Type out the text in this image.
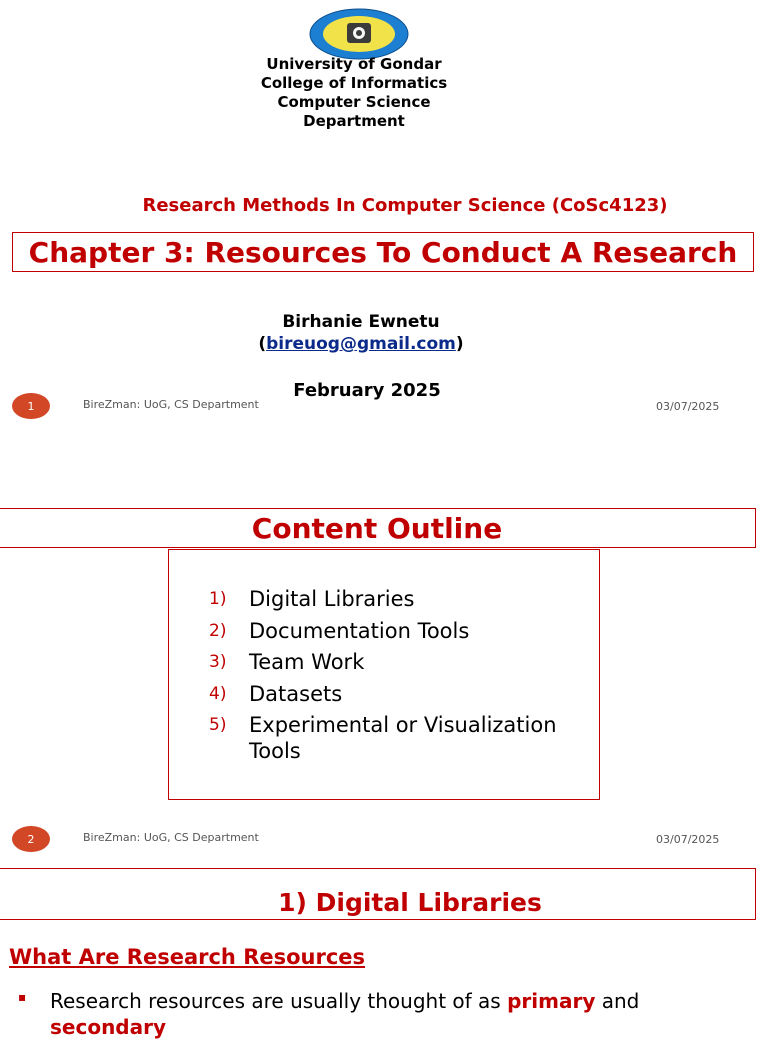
University of Gondar
College of Informatics
Computer Science
Department
Research Methods In Computer Science (CoSc4123)
Chapter 3: Resources To Conduct A Research
Birhanie Ewnetu
(bireuog@gmail.com)
February 2025
1	BireZman: UoG, CS Department	03/07/2025
Content Outline
1)	Digital Libraries
2)	Documentation Tools
3)	Team Work
4)	Datasets
5)	Experimental or Visualization Tools
2	BireZman: UoG, CS Department	03/07/2025
1) Digital Libraries
What Are Research Resources
▪ Research resources are usually thought of as primary and
secondary
